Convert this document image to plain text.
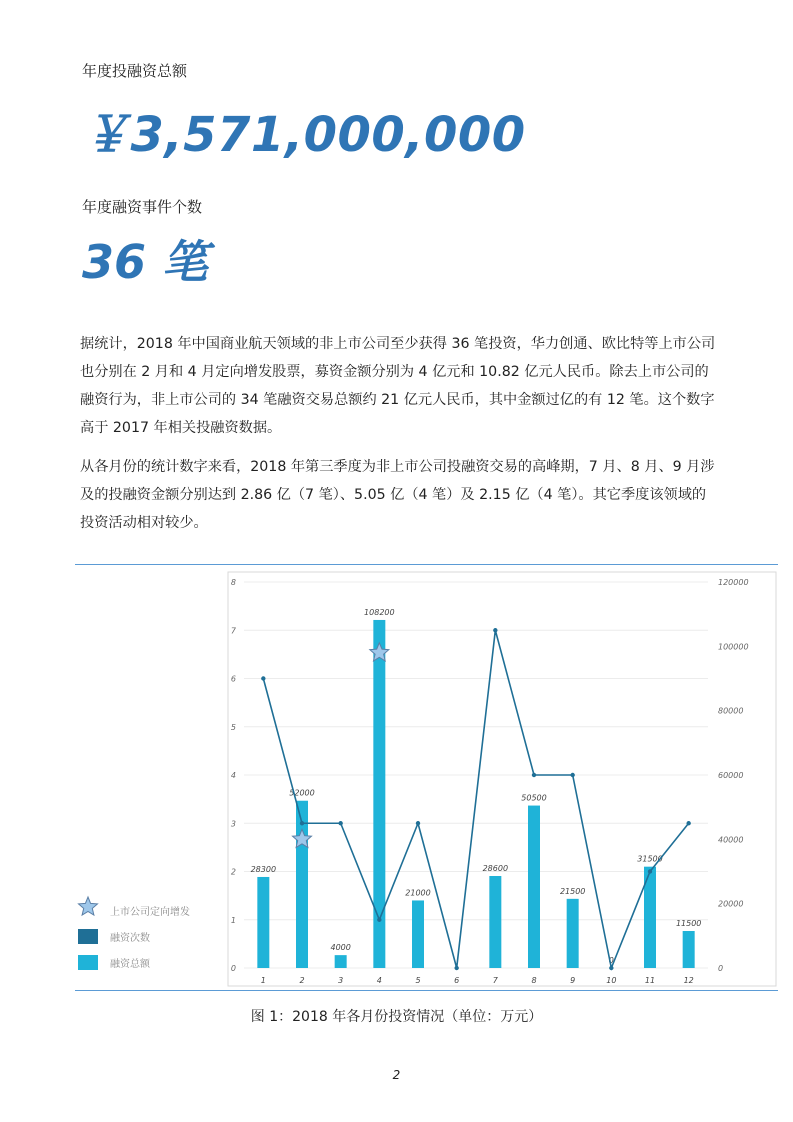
年度投融资总额
￥3,571,000,000
年度融资事件个数
36 笔

据统计，2018 年中国商业航天领域的非上市公司至少获得 36 笔投资，华力创通、欧比特等上市公司也分别在 2 月和 4 月定向增发股票，募资金额分别为 4 亿元和 10.82 亿元人民币。除去上市公司的融资行为，非上市公司的 34 笔融资交易总额约 21 亿元人民币，其中金额过亿的有 12 笔。这个数字高于 2017 年相关投融资数据。

从各月份的统计数字来看，2018 年第三季度为非上市公司投融资交易的高峰期，7 月、8 月、9 月涉及的投融资金额分别达到 2.86 亿（7 笔）、5.05 亿（4 笔）及 2.15 亿（4 笔）。其它季度该领域的投资活动相对较少。

0
1
2
3
4
5
6
7
8
0
20000
40000
60000
80000
100000
120000
1	2	3	4	5	6	7	8	9	10	11	12
28300
52000
4000
108200
21000
28600
50500
21500
0
31500
11500
上市公司定向增发
融资次数
融资总额
图 1：2018 年各月份投资情况（单位：万元）
2
